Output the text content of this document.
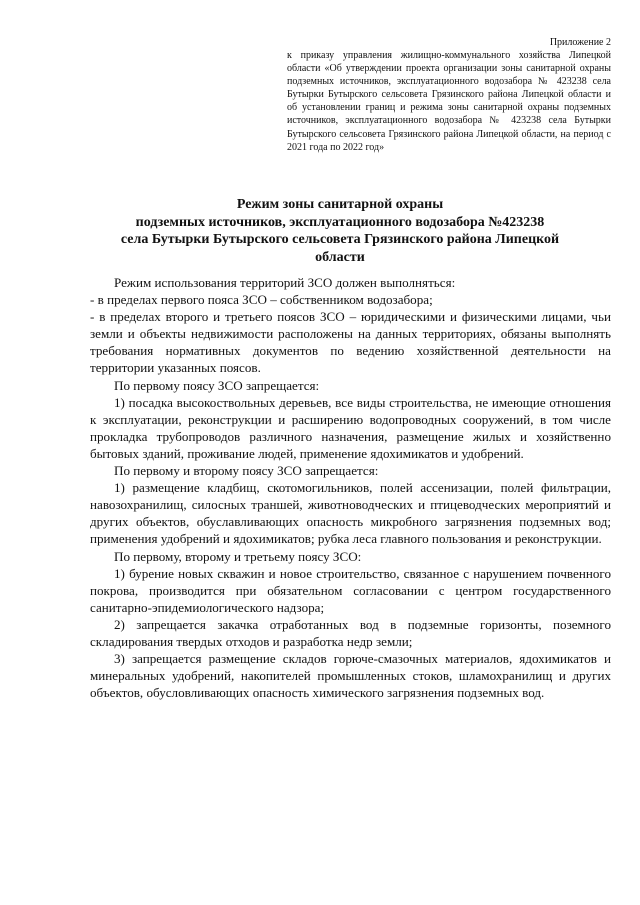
Приложение 2

к приказу управления жилищно-коммунального хозяйства Липецкой области «Об утверждении проекта организации зоны санитарной охраны подземных источников, эксплуатационного водозабора № 423238 села Бутырки Бутырского сельсовета Грязинского района Липецкой области и об установлении границ и режима зоны санитарной охраны подземных источников, эксплуатационного водозабора № 423238 села Бутырки Бутырского сельсовета Грязинского района Липецкой области, на период с 2021 года по 2022 год»

Режим зоны санитарной охраны
подземных источников, эксплуатационного водозабора №423238
села Бутырки Бутырского сельсовета Грязинского района Липецкой
области

Режим использования территорий ЗСО должен выполняться:

- в пределах первого пояса ЗСО – собственником водозабора;

- в пределах второго и третьего поясов ЗСО – юридическими и физическими лицами, чьи земли и объекты недвижимости расположены на данных территориях, обязаны выполнять требования нормативных документов по ведению хозяйственной деятельности на территории указанных поясов.

По первому поясу ЗСО запрещается:

1) посадка высокоствольных деревьев, все виды строительства, не имеющие отношения к эксплуатации, реконструкции и расширению водопроводных сооружений, в том числе прокладка трубопроводов различного назначения, размещение жилых и хозяйственно бытовых зданий, проживание людей, применение ядохимикатов и удобрений.

По первому и второму поясу ЗСО запрещается:

1) размещение кладбищ, скотомогильников, полей ассенизации, полей фильтрации, навозохранилищ, силосных траншей, животноводческих и птицеводческих мероприятий и других объектов, обуславливающих опасность микробного загрязнения подземных вод; применения удобрений и ядохимикатов; рубка леса главного пользования и реконструкции.

По первому, второму и третьему поясу ЗСО:

1) бурение новых скважин и новое строительство, связанное с нарушением почвенного покрова, производится при обязательном согласовании с центром государственного санитарно-эпидемиологического надзора;

2) запрещается закачка отработанных вод в подземные горизонты, поземного складирования твердых отходов и разработка недр земли;

3) запрещается размещение складов горюче-смазочных материалов, ядохимикатов и минеральных удобрений, накопителей промышленных стоков, шламохранилищ и других объектов, обусловливающих опасность химического загрязнения подземных вод.
